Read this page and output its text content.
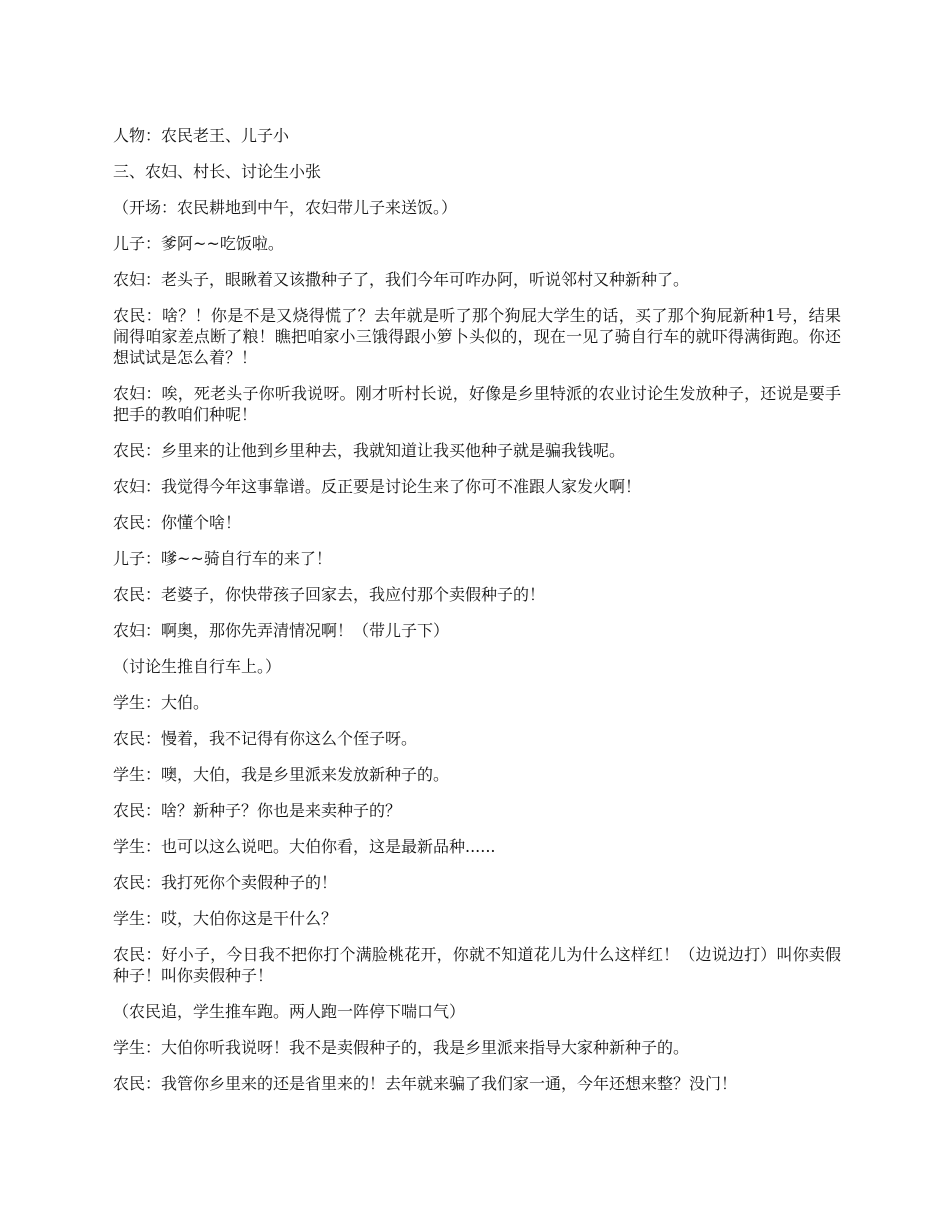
人物：农民老王、儿子小

三、农妇、村长、讨论生小张

（开场：农民耕地到中午，农妇带儿子来送饭。）

儿子：爹阿~~吃饭啦。

农妇：老头子，眼瞅着又该撒种子了，我们今年可咋办阿，听说邻村又种新种了。

农民：啥？！你是不是又烧得慌了？去年就是听了那个狗屁大学生的话，买了那个狗屁新种1号，结果闹得咱家差点断了粮！瞧把咱家小三饿得跟小箩卜头似的，现在一见了骑自行车的就吓得满街跑。你还想试试是怎么着？！

农妇：唉，死老头子你听我说呀。刚才听村长说，好像是乡里特派的农业讨论生发放种子，还说是要手把手的教咱们种呢！

农民：乡里来的让他到乡里种去，我就知道让我买他种子就是骗我钱呢。

农妇：我觉得今年这事靠谱。反正要是讨论生来了你可不准跟人家发火啊！

农民：你懂个啥！

儿子：嗲~~骑自行车的来了！

农民：老婆子，你快带孩子回家去，我应付那个卖假种子的！

农妇：啊奥，那你先弄清情况啊！（带儿子下）

（讨论生推自行车上。）

学生：大伯。

农民：慢着，我不记得有你这么个侄子呀。

学生：噢，大伯，我是乡里派来发放新种子的。

农民：啥？新种子？你也是来卖种子的？

学生：也可以这么说吧。大伯你看，这是最新品种......

农民：我打死你个卖假种子的！

学生：哎，大伯你这是干什么？

农民：好小子，今日我不把你打个满脸桃花开，你就不知道花儿为什么这样红！（边说边打）叫你卖假种子！叫你卖假种子！

（农民追，学生推车跑。两人跑一阵停下喘口气）

学生：大伯你听我说呀！我不是卖假种子的，我是乡里派来指导大家种新种子的。

农民：我管你乡里来的还是省里来的！去年就来骗了我们家一通，今年还想来整？没门！
